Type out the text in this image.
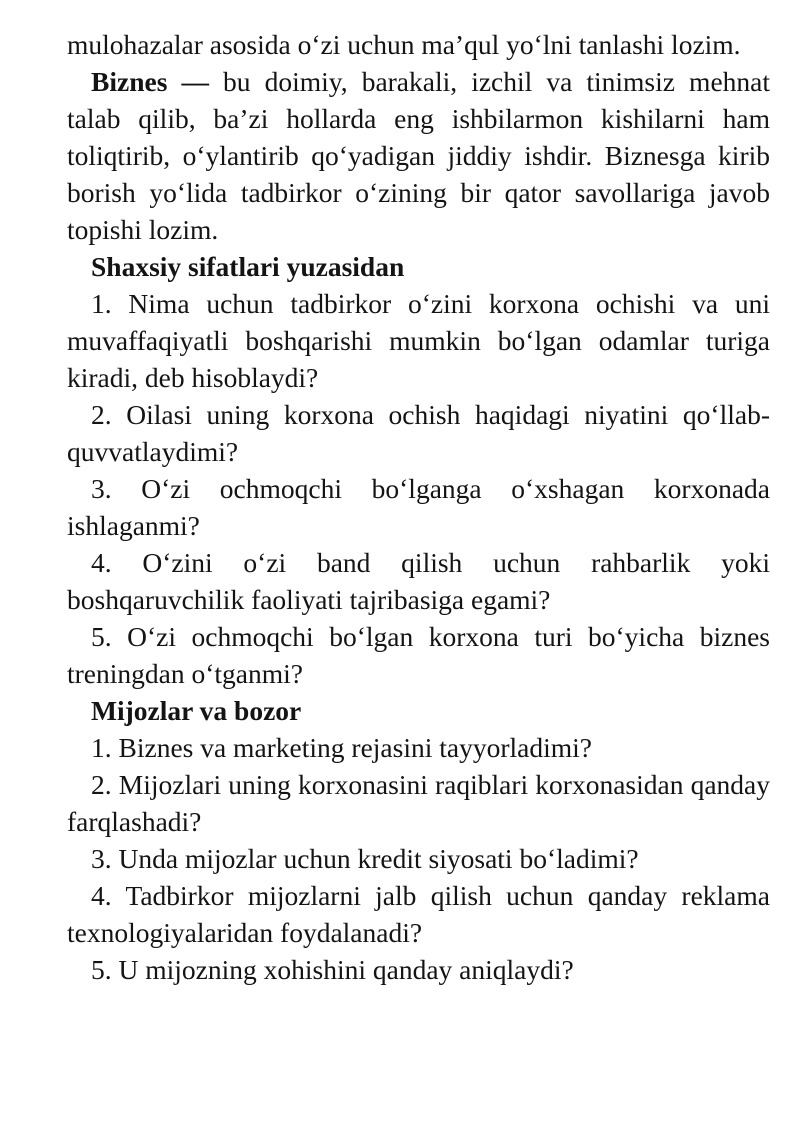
mulohazalar asosida o‘zi uchun ma’qul yo‘lni tanlashi lozim.

Biznes — bu doimiy, barakali, izchil va tinimsiz mehnat talab qilib, ba’zi hollarda eng ishbilarmon kishilarni ham toliqtirib, o‘ylantirib qo‘yadigan jiddiy ishdir. Biznesga kirib borish yo‘lida tadbirkor o‘zining bir qator savollariga javob topishi lozim.

Shaxsiy sifatlari yuzasidan

1. Nima uchun tadbirkor o‘zini korxona ochishi va uni muvaffaqiyatli boshqarishi mumkin bo‘lgan odamlar turiga kiradi, deb hisoblaydi?

2. Oilasi uning korxona ochish haqidagi niyatini qo‘llab-quvvatlaydimi?

3. O‘zi ochmoqchi bo‘lganga o‘xshagan korxonada ishlaganmi?

4. O‘zini o‘zi band qilish uchun rahbarlik yoki boshqaruvchilik faoliyati tajribasiga egami?

5. O‘zi ochmoqchi bo‘lgan korxona turi bo‘yicha biznes treningdan o‘tganmi?

Mijozlar va bozor

1. Biznes va marketing rejasini tayyorladimi?

2. Mijozlari uning korxonasini raqiblari korxonasidan qanday farqlashadi?

3. Unda mijozlar uchun kredit siyosati bo‘ladimi?

4. Tadbirkor mijozlarni jalb qilish uchun qanday reklama texnologiyalaridan foydalanadi?

5. U mijozning xohishini qanday aniqlaydi?
